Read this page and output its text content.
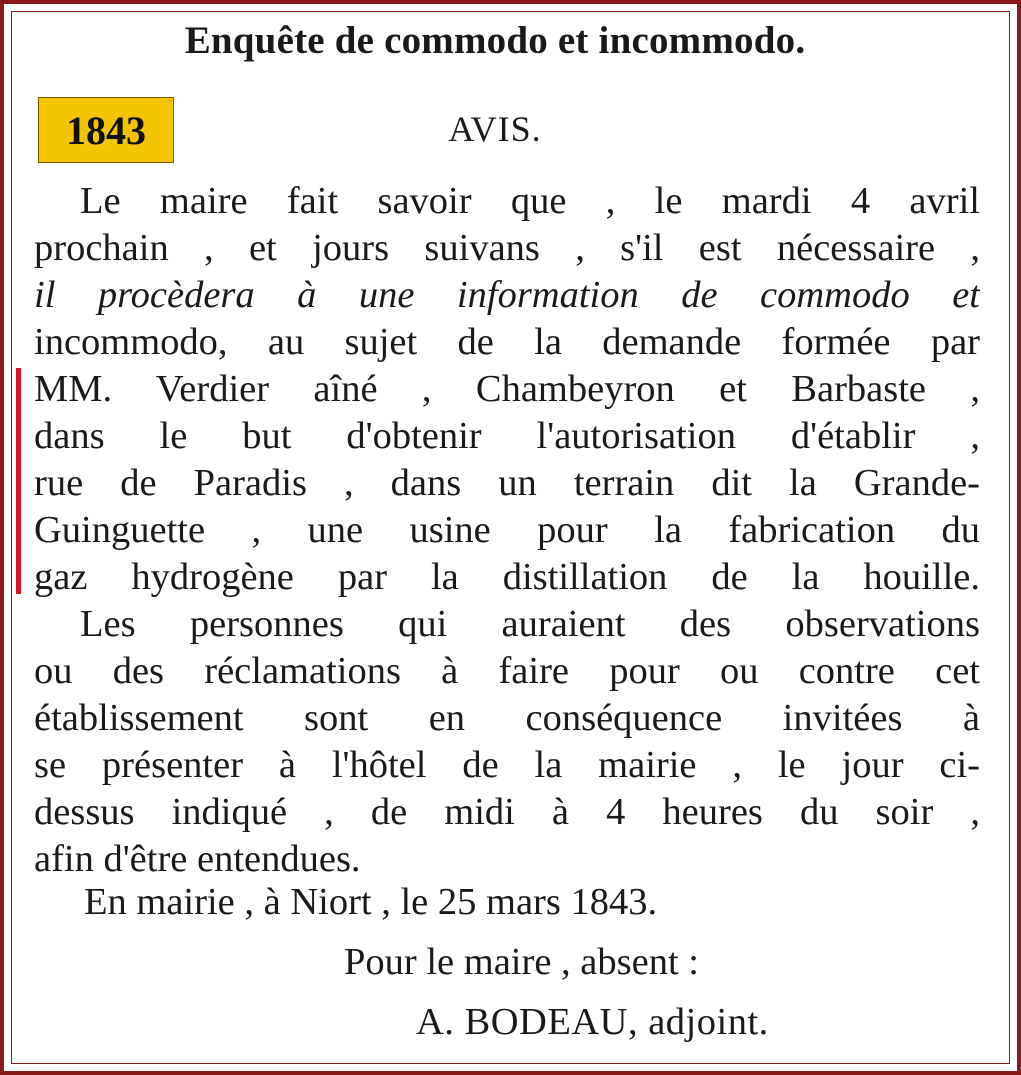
Enquête de commodo et incommodo.
1843	AVIS.
Le maire fait savoir que , le mardi 4 avril
prochain , et jours suivans , s'il est nécessaire ,
il procèdera à une information de commodo et
incommodo, au sujet de la demande formée par
MM. Verdier aîné , Chambeyron et Barbaste ,
dans le but d'obtenir l'autorisation d'établir ,
rue de Paradis , dans un terrain dit la Grande-
Guinguette , une usine pour la fabrication du
gaz hydrogène par la distillation de la houille.
Les personnes qui auraient des observations
ou des réclamations à faire pour ou contre cet
établissement sont en conséquence invitées à
se présenter à l'hôtel de la mairie , le jour ci-
dessus indiqué , de midi à 4 heures du soir ,
afin d'être entendues.
En mairie , à Niort , le 25 mars 1843.
Pour le maire , absent :
A. BODEAU, adjoint.
